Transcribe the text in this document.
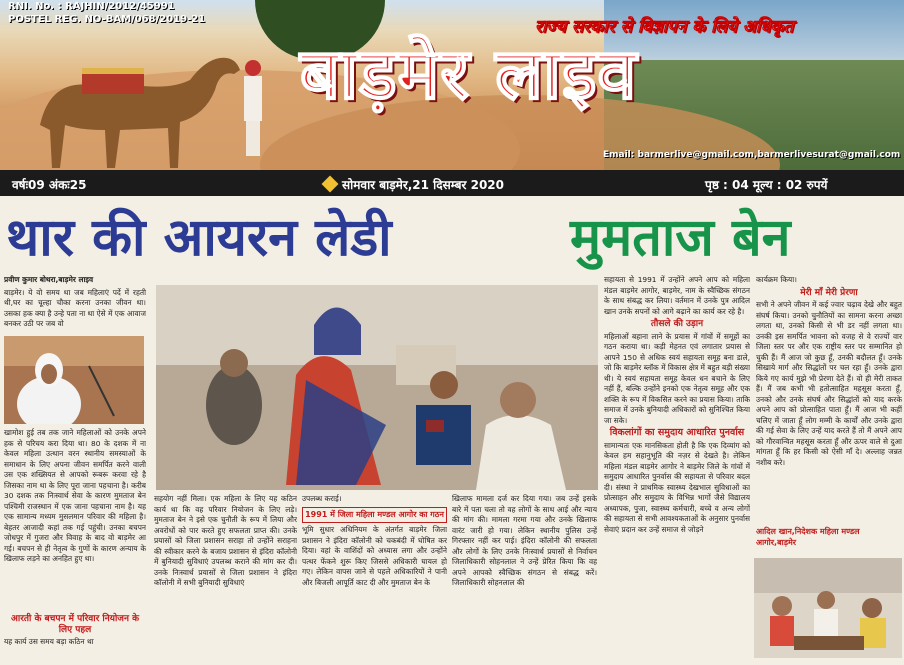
RNI. No. : RAJHIN/2012/45991
POSTEL REG. NO-BAM/068/2019-21	राज्य सरकार से विज्ञापन के लिये अधिकृत
बाड़मेर लाइव
Email: barmerlive@gmail.com,barmerlivesurat@gmail.com
वर्षः09 अंकः25	सोमवार बाड़मेर,21 दिसम्बर 2020	पृष्ठ : 04 मूल्य : 02 रुपयें
थार की आयरन लेडी	मुमताज बेन

प्रवीण कुमार बोथरा,बाड़मेर लाइव

बाड़मेर। ये वो समय था जब महिलाएं पर्दे में रहती थी,घर का चूल्हा चौका करना उनका जीवन था। उसका हक क्या है उन्हे पता ना था ऐसे में एक आवाज बनकर उठी पर जब वो

खामोश हुई तब तक जाने महिलाओं को उनके अपने हक से परिचय करा दिया था। 80 के दशक में ना केवल महिला उत्थान वरन स्थानीय समस्याओं के समाधान के लिए अपना जीवन समर्पित करने वाली उस एक शख्सियत से आपको रूबरू करवा रहे है जिसका नाम था के लिए पूरा जाना पहचाना है। करीब 30 दशक तक निःस्वार्थ सेवा के कारण मुमताज बेन पश्चिमी राजस्थान में एक जाना पहचाना नाम है। यह एक सामान्य मध्यम मुसलमान परिवार की महिला है। बेहतर आजादी कहां तक गई पहुंची। उनका बचपन जोधपुर में गुजरा और विवाह के बाद वो बाड़मेर आ गई। बचपन से ही नेतृत्व के गुणों के कारण अन्याय के खिलाफ लड़ने का अनहित हुए था।

आरती के बचपन में परिवार नियोजन के लिए पहल

यह कार्य उस समय बड़ा कठिन था

सहयोग नहीं मिला। एक महिला के लिए यह कठिन कार्य था कि वह परिवार नियोजन के लिए लड़े। मुमताज बेन ने इसे एक चुनौती के रूप में लिया और अवरोधों को पार करते हुए सफलता प्राप्त की। उनके प्रयासों को जिला प्रशासन सराहा तो उन्होंने सराहना की स्वीकार करने के बजाय प्रशासन से इंदिरा कॉलोनी में बुनियादी सुविधाएं उपलब्ध कराने की मांग कर दी। उनके निःस्वार्थ प्रयासों से जिला प्रशासन ने इंदिरा कॉलोनी में सभी बुनियादी सुविधाएं

उपलब्ध कराई।

1991 में जिला महिला मण्डल आगोर का गठन

भूमि सुधार अधिनियम के अंतर्गत बाड़मेर जिला प्रशासन ने इंदिरा कॉलोनी को चकबंदी में घोषित कर दिया। वहां के वाशिंदों को अध्यास लगा और उन्होंने पत्थर फेंकने शुरू किए जिससे अधिकारी घायल हो गए। लेकिन वापस जाने से पहले अधिकारियों ने पानी और बिजली आपूर्ति काट दी और मुमताज बेन के

खिलाफ मामला दर्ज कर दिया गया। जब उन्हें इसके बारे में पता चला तो वह लोगों के साथ आई और न्याय की मांग की। मामला गरमा गया और उनके खिलाफ वारंट जारी हो गया। लेकिन स्थानीय पुलिस उन्हें गिरफ्तार नहीं कर पाई। इंदिरा कॉलोनी की सफलता और लोगों के लिए उनके निःस्वार्थ प्रयासों से निर्वाचन जिलाधिकारी सोहनलाल ने उन्हें प्रेरित किया कि वह अपने आपको स्वैच्छिक संगठन से संबद्ध करें। जिलाधिकारी सोहनलाल की

सहायता से 1991 में उन्होंने अपने आप को महिला मंडल बाड़मेर आगोर, बाड़मेर, नाम के स्वैच्छिक संगठन के साथ संबद्ध कर लिया। वर्तमान में उनके पुत्र आदिल खान उनके सपनों को आगे बढ़ाने का कार्य कर रहे है।

तौसले की उड़ान

महिलाओं बहाना लाने के प्रयास में गांवों में समूहों का गठन कराया था। कड़ी मेहनत एवं लगातार प्रयास से आपने 150 से अधिक स्वयं सहायता समूह बना डाले, जो कि बाड़मेर ब्लॉक में विकास क्षेत्र में बहुत बड़ी संख्या थी। ये स्वयं सहायता समूह केवल धन बचाने के लिए नहीं हैं, बल्कि उन्होंने इनको एक नेतृत्व समूह और एक शक्ति के रूप में विकसित करने का प्रयास किया। ताकि समाज में उनके बुनियादी अधिकारों को सुनिश्चित किया जा सके।

विकलांगों का समुदाय आधारित पुनर्वास

सामान्यतः एक मानसिकता होती है कि एक दिव्यांग को केवल हम सहानुभूति की नज़र से देखते है। लेकिन महिला मंडल बाड़मेर आगोर ने बाड़मेर जिले के गांवों में समुदाय आधारित पुनर्वास की सहायता से परिवार बदल दी। संस्था ने प्राथमिक स्वास्थ्य देखभाल सुविधाओं का प्रोत्साहन और समुदाय के विभिन्न भागों जैसे विद्यालय अध्यापक, पुजा, स्वास्थ्य कर्मचारी, बच्चे व अन्य लोगों की सहायता से सभी आवश्यकताओं के अनुसार पुनर्वास सेवाएं प्रदान कर उन्हें समाज से जोड़ने

कार्यक्रम किया।

मेरी माँ मेरी प्रेरणा

सभी ने अपने जीवन में कई ज्वार चढ़ाव देखे और बहुत संघर्ष किया। उनको चुनौतियों का सामना करना अच्छा लगता था, उनको किसी से भी डर नहीं लगता था। उनकी इस समर्पित भावना को वजह से वे राज्यों वार जिला स्तर पर और एक राष्ट्रीय स्तर पर सम्मानित हो चुकी हैं। मैं आज जो कुछ हूँ, उनकी बदौलत हूँ। उनके सिखाये मार्ग और सिद्धांतों पर चल रहा हूँ। उनके द्वारा किये गए कार्य मुझे भी प्रेरणा देते हैं। वो ही मेरी ताकत हैं। मैं जब कभी भी हतोत्साहित महसूस करता हूँ, उनको और उनके संघर्ष और सिद्धांतों को याद करके अपने आप को प्रोत्साहित पाता हूँ। मैं आज भी कहीं चलिए में जाता हूँ लोग मम्मी के कार्यों और उनके द्वारा की गई सेवा के लिए उन्हें याद करते हैं तो मैं अपने आप को गौरवान्वित महसूस करता हूँ और ऊपर वाले से दुआ मांगता हूँ कि हर किसी को ऐसी माँ दे। अल्लाह जन्नत नशीब करे।

आदिल खान,निदेशक महिला मण्डल आगोर,बाड़मेर
